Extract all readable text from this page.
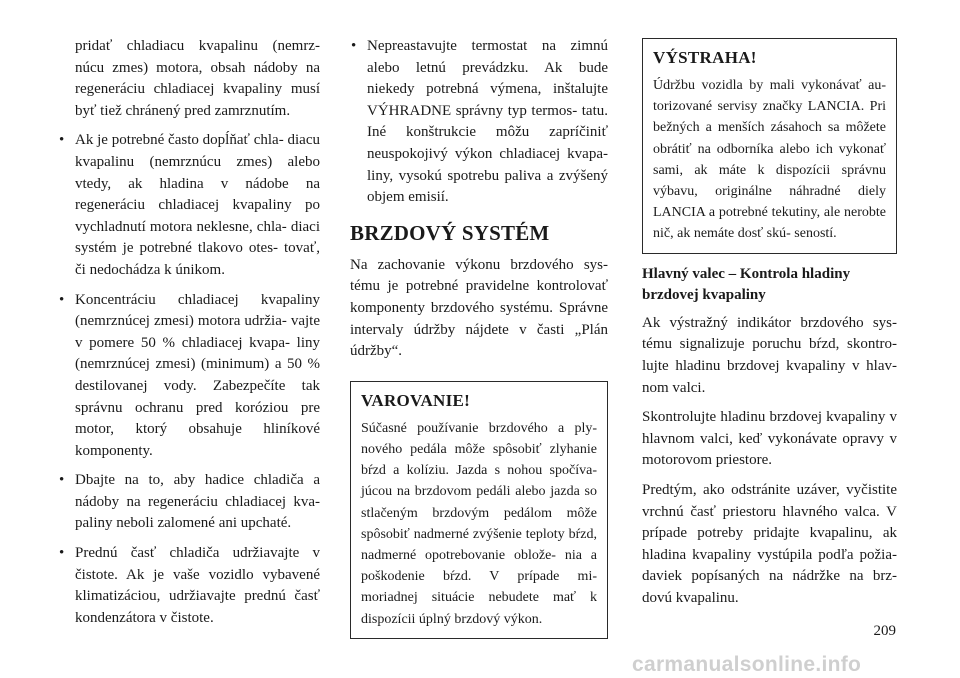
pridať chladiacu kvapalinu (nemrz- núcu zmes) motora, obsah nádoby na regeneráciu chladiacej kvapaliny musí byť tiež chránený pred zamrznutím.

• Ak je potrebné často dopĺňať chla- diacu kvapalinu (nemrznúcu zmes) alebo vtedy, ak hladina v nádobe na regeneráciu chladiacej kvapaliny po vychladnutí motora neklesne, chla- diaci systém je potrebné tlakovo otes- tovať, či nedochádza k únikom.
• Koncentráciu chladiacej kvapaliny (nemrznúcej zmesi) motora udržia- vajte v pomere 50 % chladiacej kvapa- liny (nemrznúcej zmesi) (minimum) a 50 % destilovanej vody. Zabezpečíte tak správnu ochranu pred koróziou pre motor, ktorý obsahuje hliníkové komponenty.
• Dbajte na to, aby hadice chladiča a nádoby na regeneráciu chladiacej kva- paliny neboli zalomené ani upchaté.
• Prednú časť chladiča udržiavajte v čistote. Ak je vaše vozidlo vybavené klimatizáciou, udržiavajte prednú časť kondenzátora v čistote.
• Nepreastavujte termostat na zimnú alebo letnú prevádzku. Ak bude niekedy potrebná výmena, inštalujte VÝHRADNE správny typ termos- tatu. Iné konštrukcie môžu zapríčiniť neuspokojivý výkon chladiacej kvapa- liny, vysokú spotrebu paliva a zvýšený objem emisií.
BRZDOVÝ SYSTÉM

Na zachovanie výkonu brzdového sys- tému je potrebné pravidelne kontrolovať komponenty brzdového systému. Správne intervaly údržby nájdete v časti „Plán údržby“.

VAROVANIE!

Súčasné používanie brzdového a ply- nového pedála môže spôsobiť zlyhanie bŕzd a kolíziu. Jazda s nohou spočíva- júcou na brzdovom pedáli alebo jazda so stlačeným brzdovým pedálom môže spôsobiť nadmerné zvýšenie teploty bŕzd, nadmerné opotrebovanie oblože- nia a poškodenie bŕzd. V prípade mi- moriadnej situácie nebudete mať k dispozícii úplný brzdový výkon.

VÝSTRAHA!

Údržbu vozidla by mali vykonávať au- torizované servisy značky LANCIA. Pri bežných a menších zásahoch sa môžete obrátiť na odborníka alebo ich vykonať sami, ak máte k dispozícii správnu výbavu, originálne náhradné diely LANCIA a potrebné tekutiny, ale nerobte nič, ak nemáte dosť skú- seností.

Hlavný valec – Kontrola hladiny brzdovej kvapaliny

Ak výstražný indikátor brzdového sys- tému signalizuje poruchu bŕzd, skontro- lujte hladinu brzdovej kvapaliny v hlav- nom valci.

Skontrolujte hladinu brzdovej kvapaliny v hlavnom valci, keď vykonávate opravy v motorovom priestore.

Predtým, ako odstránite uzáver, vyčistite vrchnú časť priestoru hlavného valca. V prípade potreby pridajte kvapalinu, ak hladina kvapaliny vystúpila podľa požia- daviek popísaných na nádržke na brz- dovú kvapalinu.

209
carmanualsonline.info
